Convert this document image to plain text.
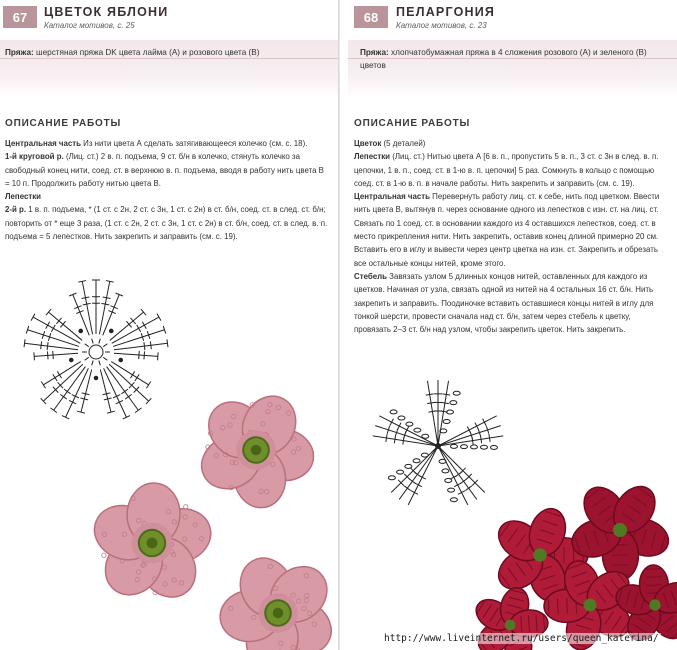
67	ЦВЕТОК ЯБЛОНИ
Каталог мотивов, с. 25
Пряжа: шерстяная пряжа DK цвета лайма (А) и розового цвета (В)
ОПИСАНИЕ РАБОТЫ

Центральная часть Из нити цвета А сделать затягивающееся колечко (см. с. 18).

1-й круговой р. (Лиц. ст.) 2 в. п. подъема, 9 ст. б/н в колечко, стянуть колечко за свободный конец нити, соед. ст. в верхнюю в. п. подъема, вводя в работу нить цвета В = 10 п. Продолжить работу нитью цвета В.

Лепестки

2-й р. 1 в. п. подъема, * (1 ст. с 2н, 2 ст. с 3н, 1 ст. с 2н) в ст. б/н, соед. ст. в след. ст. б/н; повторить от * еще 3 раза, (1 ст. с 2н, 2 ст. с 3н, 1 ст. с 2н) в ст. б/н, соед. ст. в след. в. п. подъема = 5 лепестков. Нить закрепить и заправить (см. с. 19).

68	ПЕЛАРГОНИЯ
Каталог мотивов, с. 23
Пряжа: хлопчатобумажная пряжа в 4 сложения розового (А) и зеленого (В) цветов
ОПИСАНИЕ РАБОТЫ

Цветок (5 деталей)

Лепестки (Лиц. ст.) Нитью цвета А [6 в. п., пропустить 5 в. п., 3 ст. с 3н в след. в. п. цепочки, 1 в. п., соед. ст. в 1-ю в. п. цепочки] 5 раз. Сомкнуть в кольцо с помощью соед. ст. в 1-ю в. п. в начале работы. Нить закрепить и заправить (см. с. 19).

Центральная часть Перевернуть работу лиц. ст. к себе, нить под цветком. Ввести нить цвета В, вытянув п. через основание одного из лепестков с изн. ст. на лиц. ст. Связать по 1 соед. ст. в основании каждого из 4 оставшихся лепестков, соед. ст. в место прикрепления нити. Нить закрепить, оставив конец длиной примерно 20 см. Вставить его в иглу и вывести через центр цветка на изн. ст. Закрепить и обрезать все остальные концы нитей, кроме этого.

Стебель Завязать узлом 5 длинных концов нитей, оставленных для каждого из цветков. Начиная от узла, связать одной из нитей на 4 остальных 16 ст. б/н. Нить закрепить и заправить. Поодиночке вставить оставшиеся концы нитей в иглу для тонкой шерсти, провести сначала над ст. б/н, затем через стебель к цветку, провязать 2–3 ст. б/н над узлом, чтобы закрепить цветок. Нить закрепить.

http://www.liveinternet.ru/users/queen_katerina/
